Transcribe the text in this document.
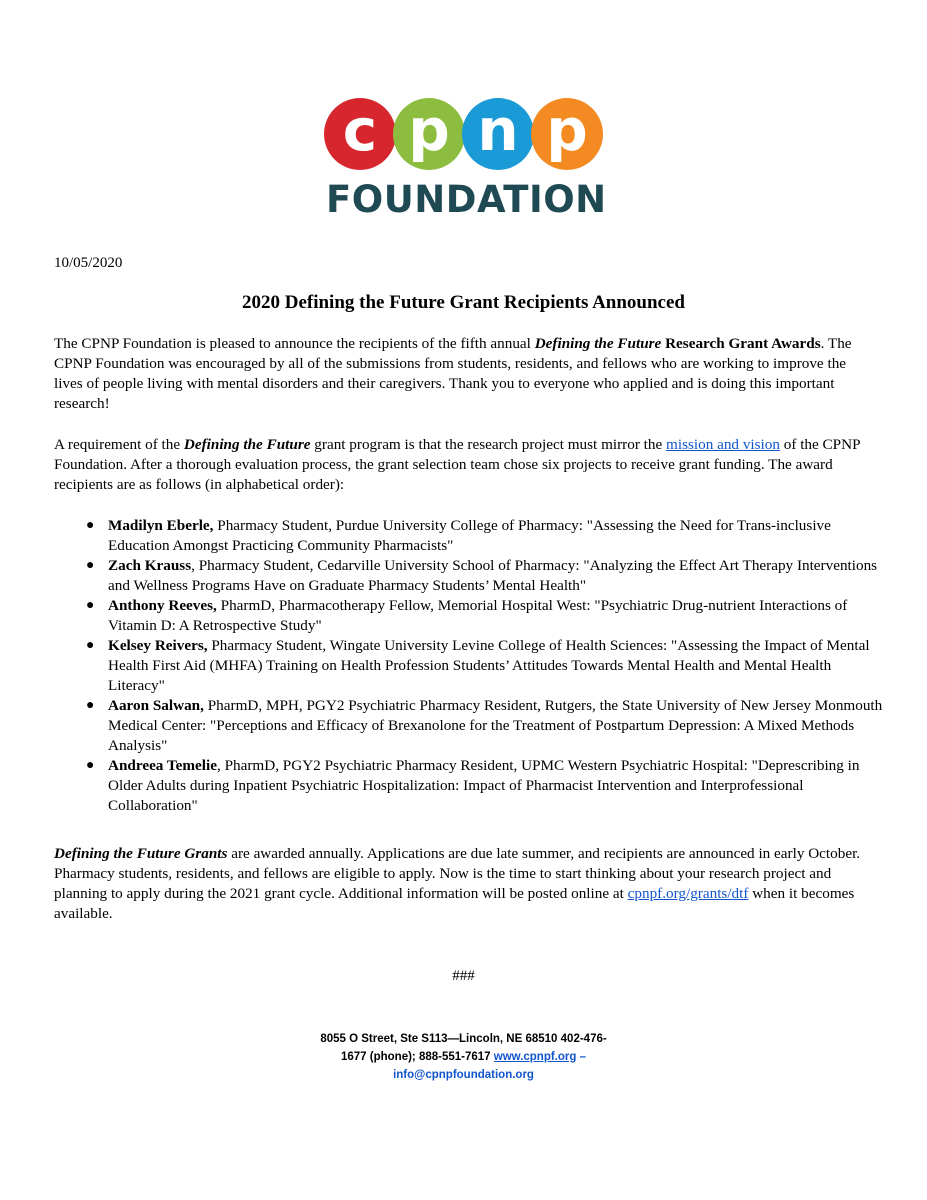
c p n p
FOUNDATION
10/05/2020
2020 Defining the Future Grant Recipients Announced
The CPNP Foundation is pleased to announce the recipients of the fifth annual Defining the Future Research Grant Awards. The CPNP Foundation was encouraged by all of the submissions from students, residents, and fellows who are working to improve the lives of people living with mental disorders and their caregivers. Thank you to everyone who applied and is doing this important research!
A requirement of the Defining the Future grant program is that the research project must mirror the mission and vision of the CPNP Foundation. After a thorough evaluation process, the grant selection team chose six projects to receive grant funding. The award recipients are as follows (in alphabetical order):
● Madilyn Eberle, Pharmacy Student, Purdue University College of Pharmacy: "Assessing the Need for Trans-inclusive Education Amongst Practicing Community Pharmacists"
● Zach Krauss, Pharmacy Student, Cedarville University School of Pharmacy: "Analyzing the Effect Art Therapy Interventions and Wellness Programs Have on Graduate Pharmacy Students’ Mental Health"
● Anthony Reeves, PharmD, Pharmacotherapy Fellow, Memorial Hospital West: "Psychiatric Drug-nutrient Interactions of Vitamin D: A Retrospective Study"
● Kelsey Reivers, Pharmacy Student, Wingate University Levine College of Health Sciences: "Assessing the Impact of Mental Health First Aid (MHFA) Training on Health Profession Students’ Attitudes Towards Mental Health and Mental Health Literacy"
● Aaron Salwan, PharmD, MPH, PGY2 Psychiatric Pharmacy Resident, Rutgers, the State University of New Jersey Monmouth Medical Center: "Perceptions and Efficacy of Brexanolone for the Treatment of Postpartum Depression: A Mixed Methods Analysis"
● Andreea Temelie, PharmD, PGY2 Psychiatric Pharmacy Resident, UPMC Western Psychiatric Hospital: "Deprescribing in Older Adults during Inpatient Psychiatric Hospitalization: Impact of Pharmacist Intervention and Interprofessional Collaboration"
Defining the Future Grants are awarded annually. Applications are due late summer, and recipients are announced in early October. Pharmacy students, residents, and fellows are eligible to apply. Now is the time to start thinking about your research project and planning to apply during the 2021 grant cycle. Additional information will be posted online at cpnpf.org/grants/dtf when it becomes available.
###
8055 O Street, Ste S113—Lincoln, NE 68510 402-476-
1677 (phone); 888-551-7617 www.cpnpf.org –
info@cpnpfoundation.org
